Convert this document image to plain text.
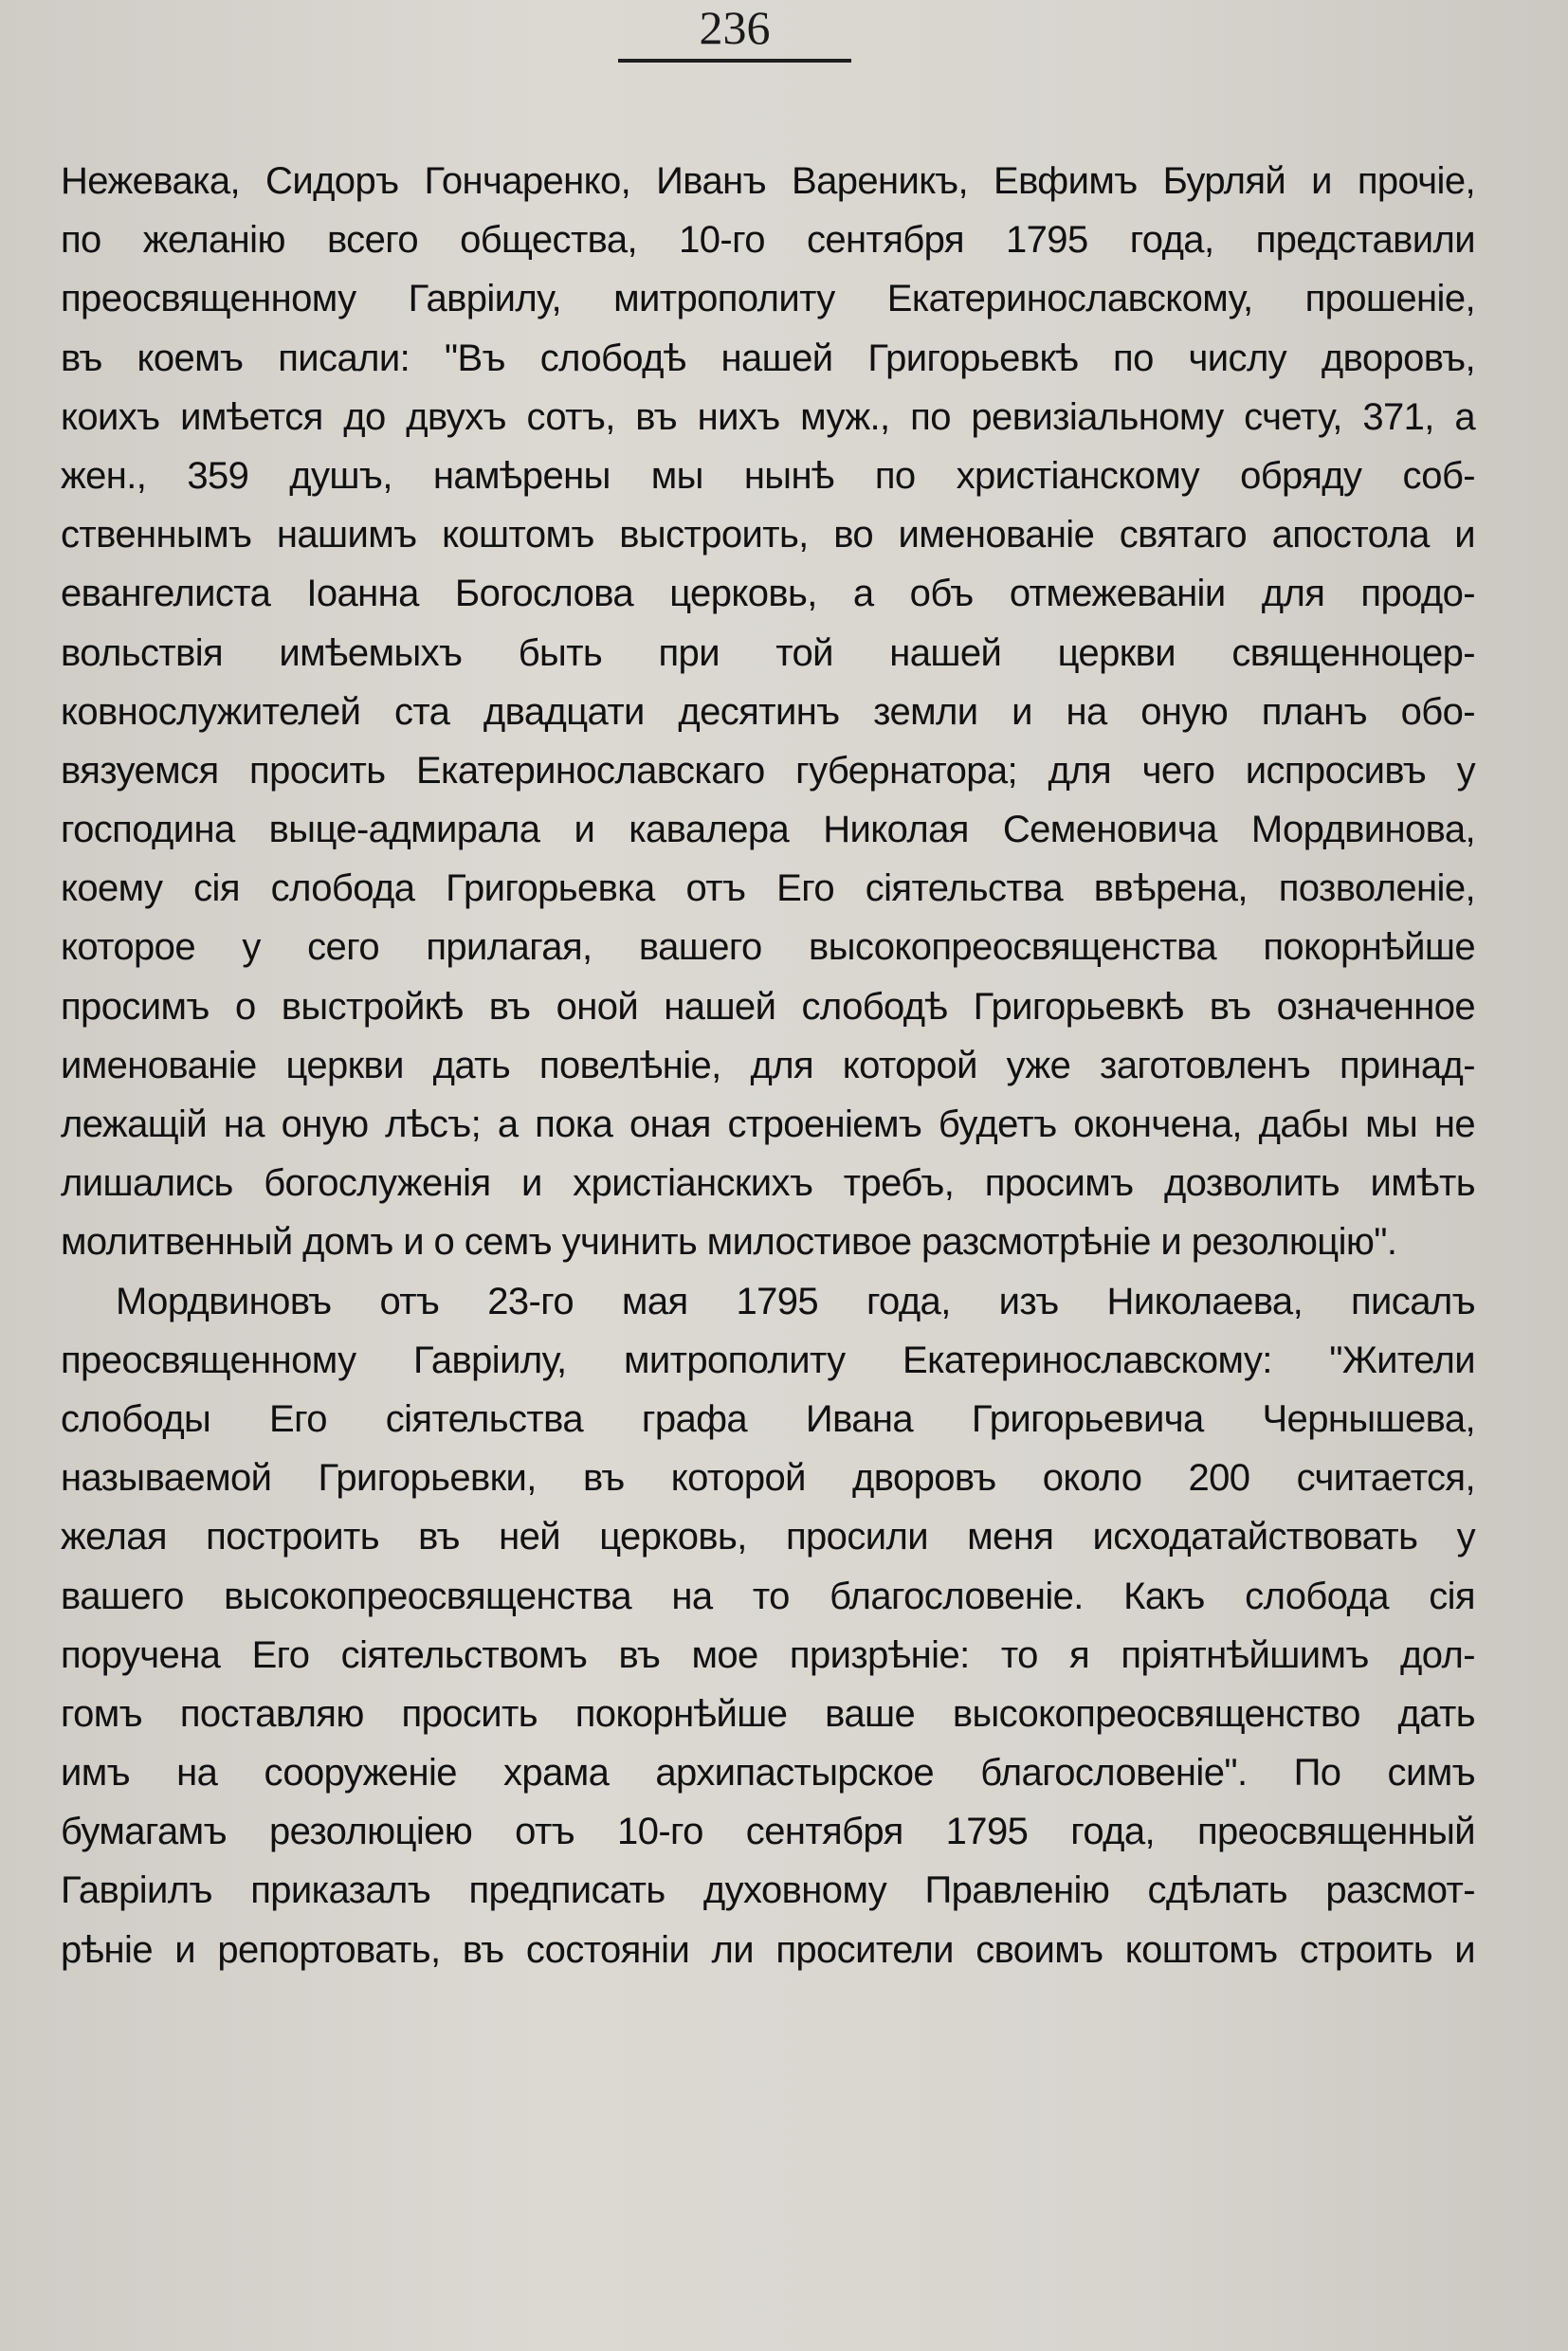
236
Нежевака, Сидоръ Гончаренко, Иванъ Вареникъ, Евфимъ Бурляй и прочіе,
по желанію всего общества, 10-го сентября 1795 года, представили
преосвященному Гавріилу, митрополиту Екатеринославскому, прошеніе,
въ коемъ писали: "Въ слободѣ нашей Григорьевкѣ по числу дворовъ,
коихъ имѣется до двухъ сотъ, въ нихъ муж., по ревизіальному счету, 371, а
жен., 359 душъ, намѣрены мы нынѣ по христіанскому обряду соб-
ственнымъ нашимъ коштомъ выстроить, во именованіе святаго апостола и
евангелиста Іоанна Богослова церковь, а объ отмежеваніи для продо-
вольствія имѣемыхъ быть при той нашей церкви священноцер-
ковнослужителей ста двадцати десятинъ земли и на оную планъ обо-
вязуемся просить Екатеринославскаго губернатора; для чего испросивъ у
господина выце-адмирала и кавалера Николая Семеновича Мордвинова,
коему сія слобода Григорьевка отъ Его сіятельства ввѣрена, позволеніе,
которое у сего прилагая, вашего высокопреосвященства покорнѣйше
просимъ о выстройкѣ въ оной нашей слободѣ Григорьевкѣ въ означенное
именованіе церкви дать повелѣніе, для которой уже заготовленъ принад-
лежащій на оную лѣсъ; а пока оная строеніемъ будетъ окончена, дабы мы не
лишались богослуженія и христіанскихъ требъ, просимъ дозволить имѣть
молитвенный домъ и о семъ учинить милостивое разсмотрѣніе и резолюцію".
Мордвиновъ отъ 23-го мая 1795 года, изъ Николаева, писалъ
преосвященному Гавріилу, митрополиту Екатеринославскому: "Жители
слободы Его сіятельства графа Ивана Григорьевича Чернышева,
называемой Григорьевки, въ которой дворовъ около 200 считается,
желая построить въ ней церковь, просили меня исходатайствовать у
вашего высокопреосвященства на то благословеніе. Какъ слобода сія
поручена Его сіятельствомъ въ мое призрѣніе: то я пріятнѣйшимъ дол-
гомъ поставляю просить покорнѣйше ваше высокопреосвященство дать
имъ на сооруженіе храма архипастырское благословеніе". По симъ
бумагамъ резолюціею отъ 10-го сентября 1795 года, преосвященный
Гавріилъ приказалъ предписать духовному Правленію сдѣлать разсмот-
рѣніе и репортовать, въ состояніи ли просители своимъ коштомъ строить и
